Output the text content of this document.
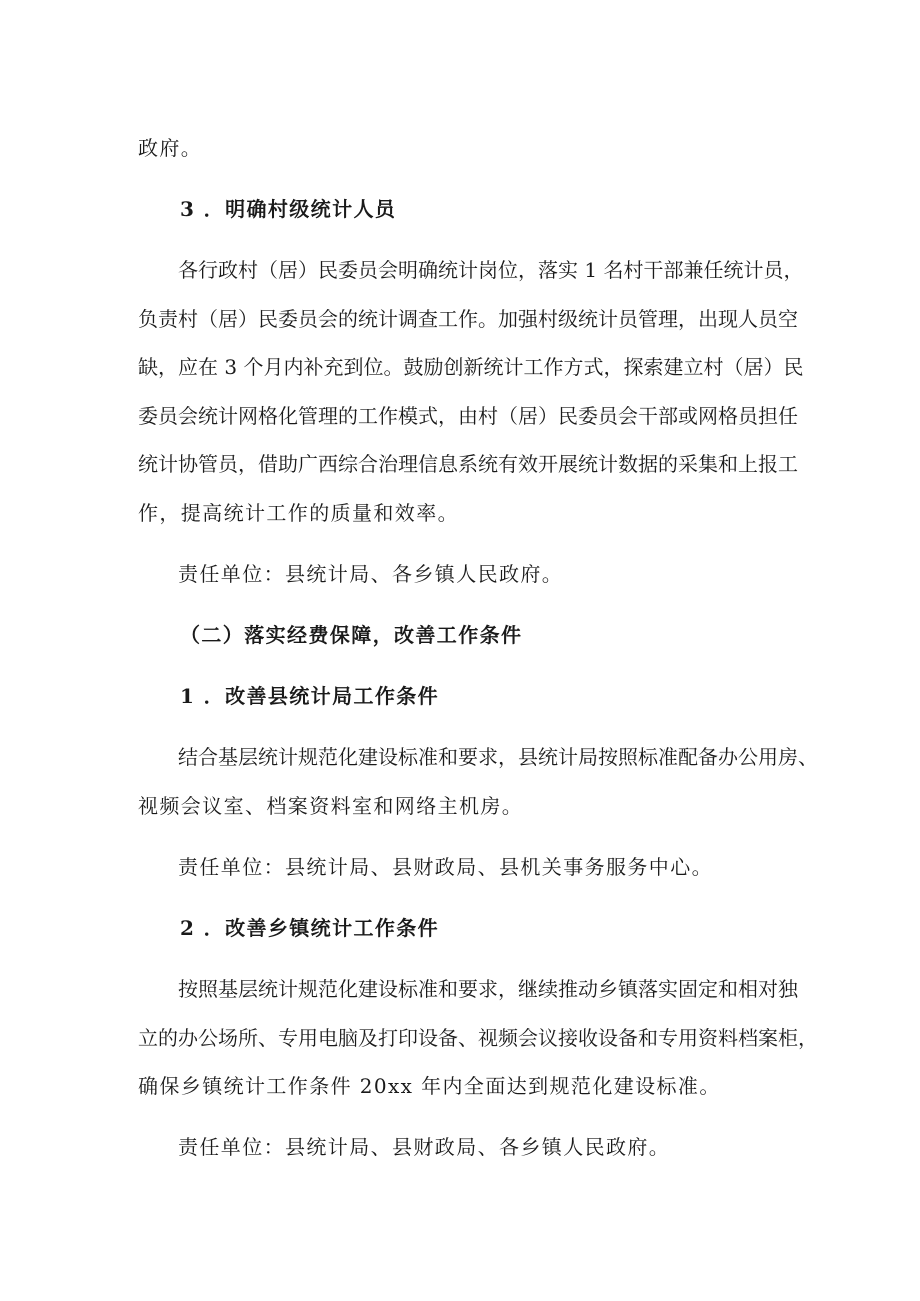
政府。
3 ．明确村级统计人员
各行政村（居）民委员会明确统计岗位，落实 1 名村干部兼任统计员，
负责村（居）民委员会的统计调查工作。加强村级统计员管理，出现人员空
缺，应在 3 个月内补充到位。鼓励创新统计工作方式，探索建立村（居）民
委员会统计网格化管理的工作模式，由村（居）民委员会干部或网格员担任
统计协管员，借助广西综合治理信息系统有效开展统计数据的采集和上报工
作，提高统计工作的质量和效率。
责任单位：县统计局、各乡镇人民政府。
（二）落实经费保障，改善工作条件
1 ．改善县统计局工作条件
结合基层统计规范化建设标准和要求，县统计局按照标准配备办公用房、
视频会议室、档案资料室和网络主机房。
责任单位：县统计局、县财政局、县机关事务服务中心。
2 ．改善乡镇统计工作条件
按照基层统计规范化建设标准和要求，继续推动乡镇落实固定和相对独
立的办公场所、专用电脑及打印设备、视频会议接收设备和专用资料档案柜，
确保乡镇统计工作条件 20xx 年内全面达到规范化建设标准。
责任单位：县统计局、县财政局、各乡镇人民政府。
